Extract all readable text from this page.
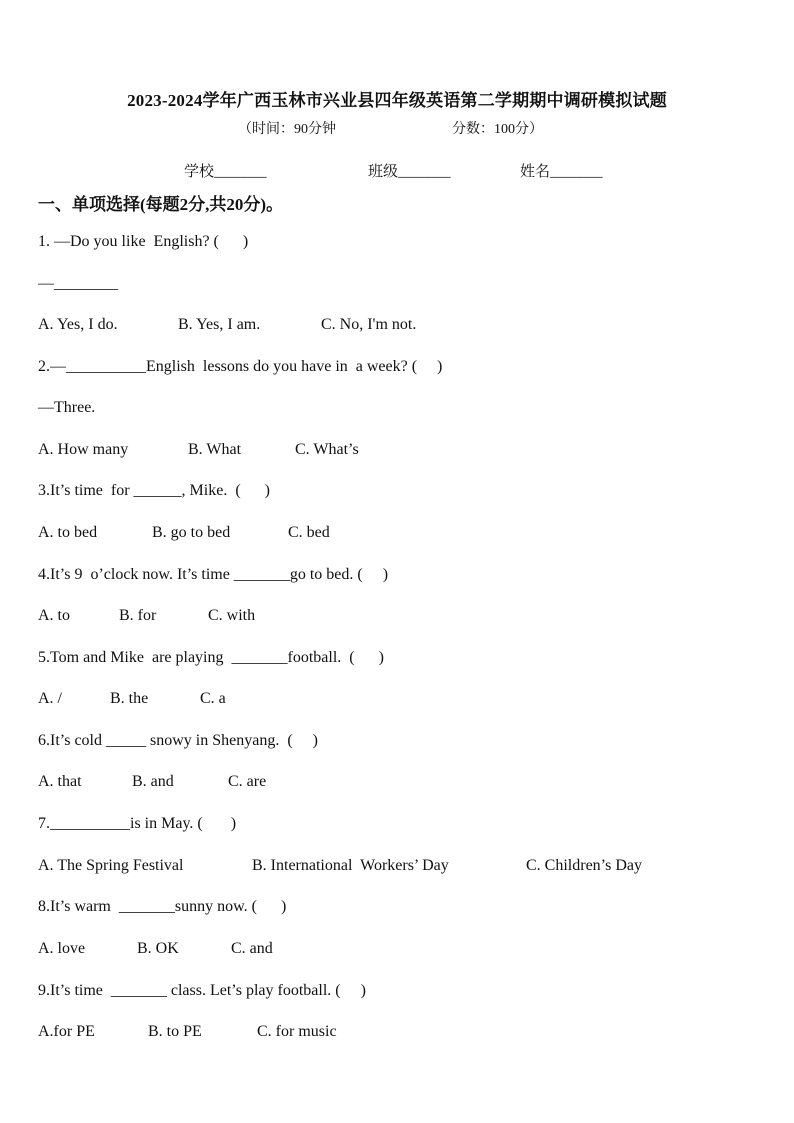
2023-2024学年广西玉林市兴业县四年级英语第二学期期中调研模拟试题
（时间：90分钟	分数：100分）
学校_______	班级_______	姓名_______
一、单项选择(每题2分,共20分)。
1. —Do you like  English? (      )
—________
A. Yes, I do.	B. Yes, I am.	C. No, I'm not.
2.—__________English  lessons do you have in  a week? (     )
—Three.
A. How many	B. What	C. What’s
3.It’s time  for ______, Mike.  (      )
A. to bed	B. go to bed	C. bed
4.It’s 9  o’clock now. It’s time _______go to bed. (     )
A. to	B. for	C. with
5.Tom and Mike  are playing  _______football.  (      )
A. /	B. the	C. a
6.It’s cold _____ snowy in Shenyang.  (     )
A. that	B. and	C. are
7.__________is in May. (       )
A. The Spring Festival	B. International  Workers’ Day	C. Children’s Day
8.It’s warm  _______sunny now. (      )
A. love	B. OK	C. and
9.It’s time  _______ class. Let’s play football. (     )
A.for PE	B. to PE	C. for music
